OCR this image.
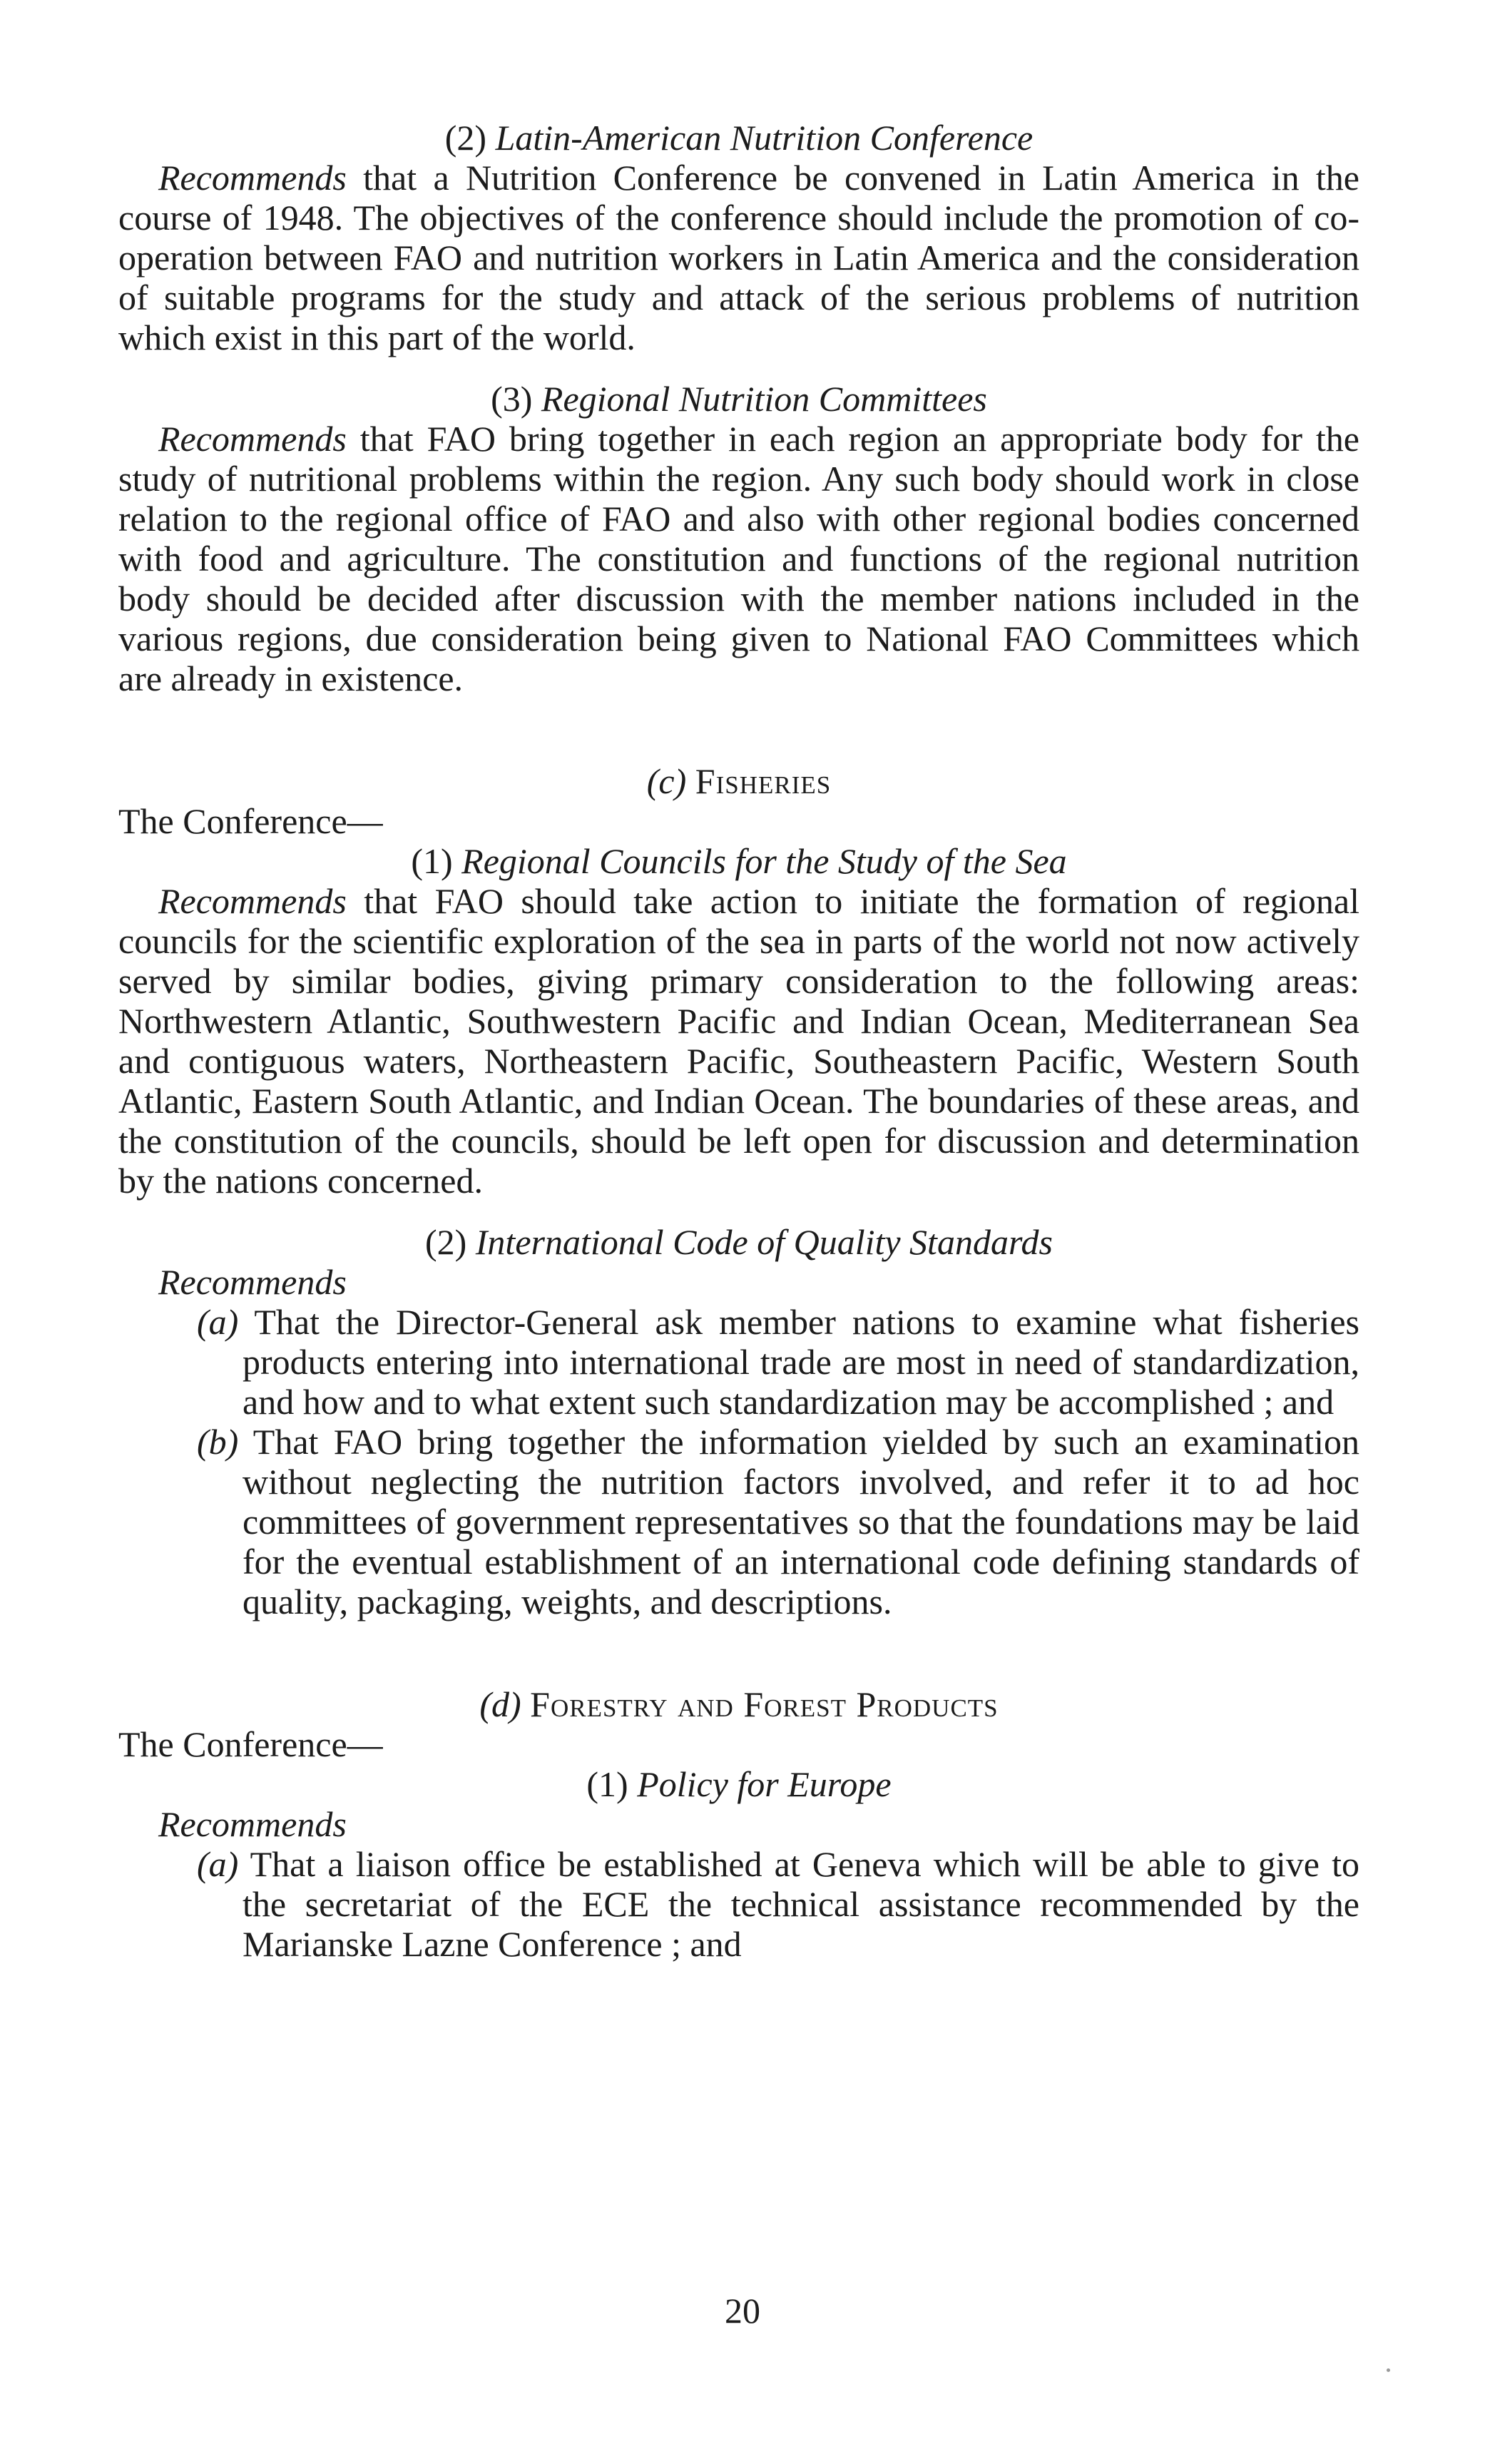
(2) Latin-American Nutrition Conference

Recommends that a Nutrition Conference be convened in Latin America in the course of 1948. The objectives of the conference should include the promotion of co-operation between FAO and nutrition workers in Latin America and the consideration of suitable programs for the study and attack of the serious problems of nutrition which exist in this part of the world.

(3) Regional Nutrition Committees

Recommends that FAO bring together in each region an appropriate body for the study of nutritional problems within the region. Any such body should work in close relation to the regional office of FAO and also with other regional bodies concerned with food and agriculture. The constitution and functions of the regional nutrition body should be decided after discussion with the member nations included in the various regions, due consideration being given to National FAO Committees which are already in existence.

(c) Fisheries

The Conference—

(1) Regional Councils for the Study of the Sea

Recommends that FAO should take action to initiate the formation of regional councils for the scientific exploration of the sea in parts of the world not now actively served by similar bodies, giving primary consideration to the following areas: Northwestern Atlantic, Southwestern Pacific and Indian Ocean, Mediterranean Sea and contiguous waters, Northeastern Pacific, Southeastern Pacific, Western South Atlantic, Eastern South Atlantic, and Indian Ocean. The boundaries of these areas, and the constitution of the councils, should be left open for discussion and determination by the nations concerned.

(2) International Code of Quality Standards

Recommends

(a) That the Director-General ask member nations to examine what fisheries products entering into international trade are most in need of standardization, and how and to what extent such standardization may be accomplished ; and
(b) That FAO bring together the information yielded by such an examination without neglecting the nutrition factors involved, and refer it to ad hoc committees of government representatives so that the foundations may be laid for the eventual establishment of an international code defining standards of quality, packaging, weights, and descriptions.

(d) Forestry and Forest Products

The Conference—

(1) Policy for Europe

Recommends

(a) That a liaison office be established at Geneva which will be able to give to the secretariat of the ECE the technical assistance recommended by the Marianske Lazne Conference ; and
20
